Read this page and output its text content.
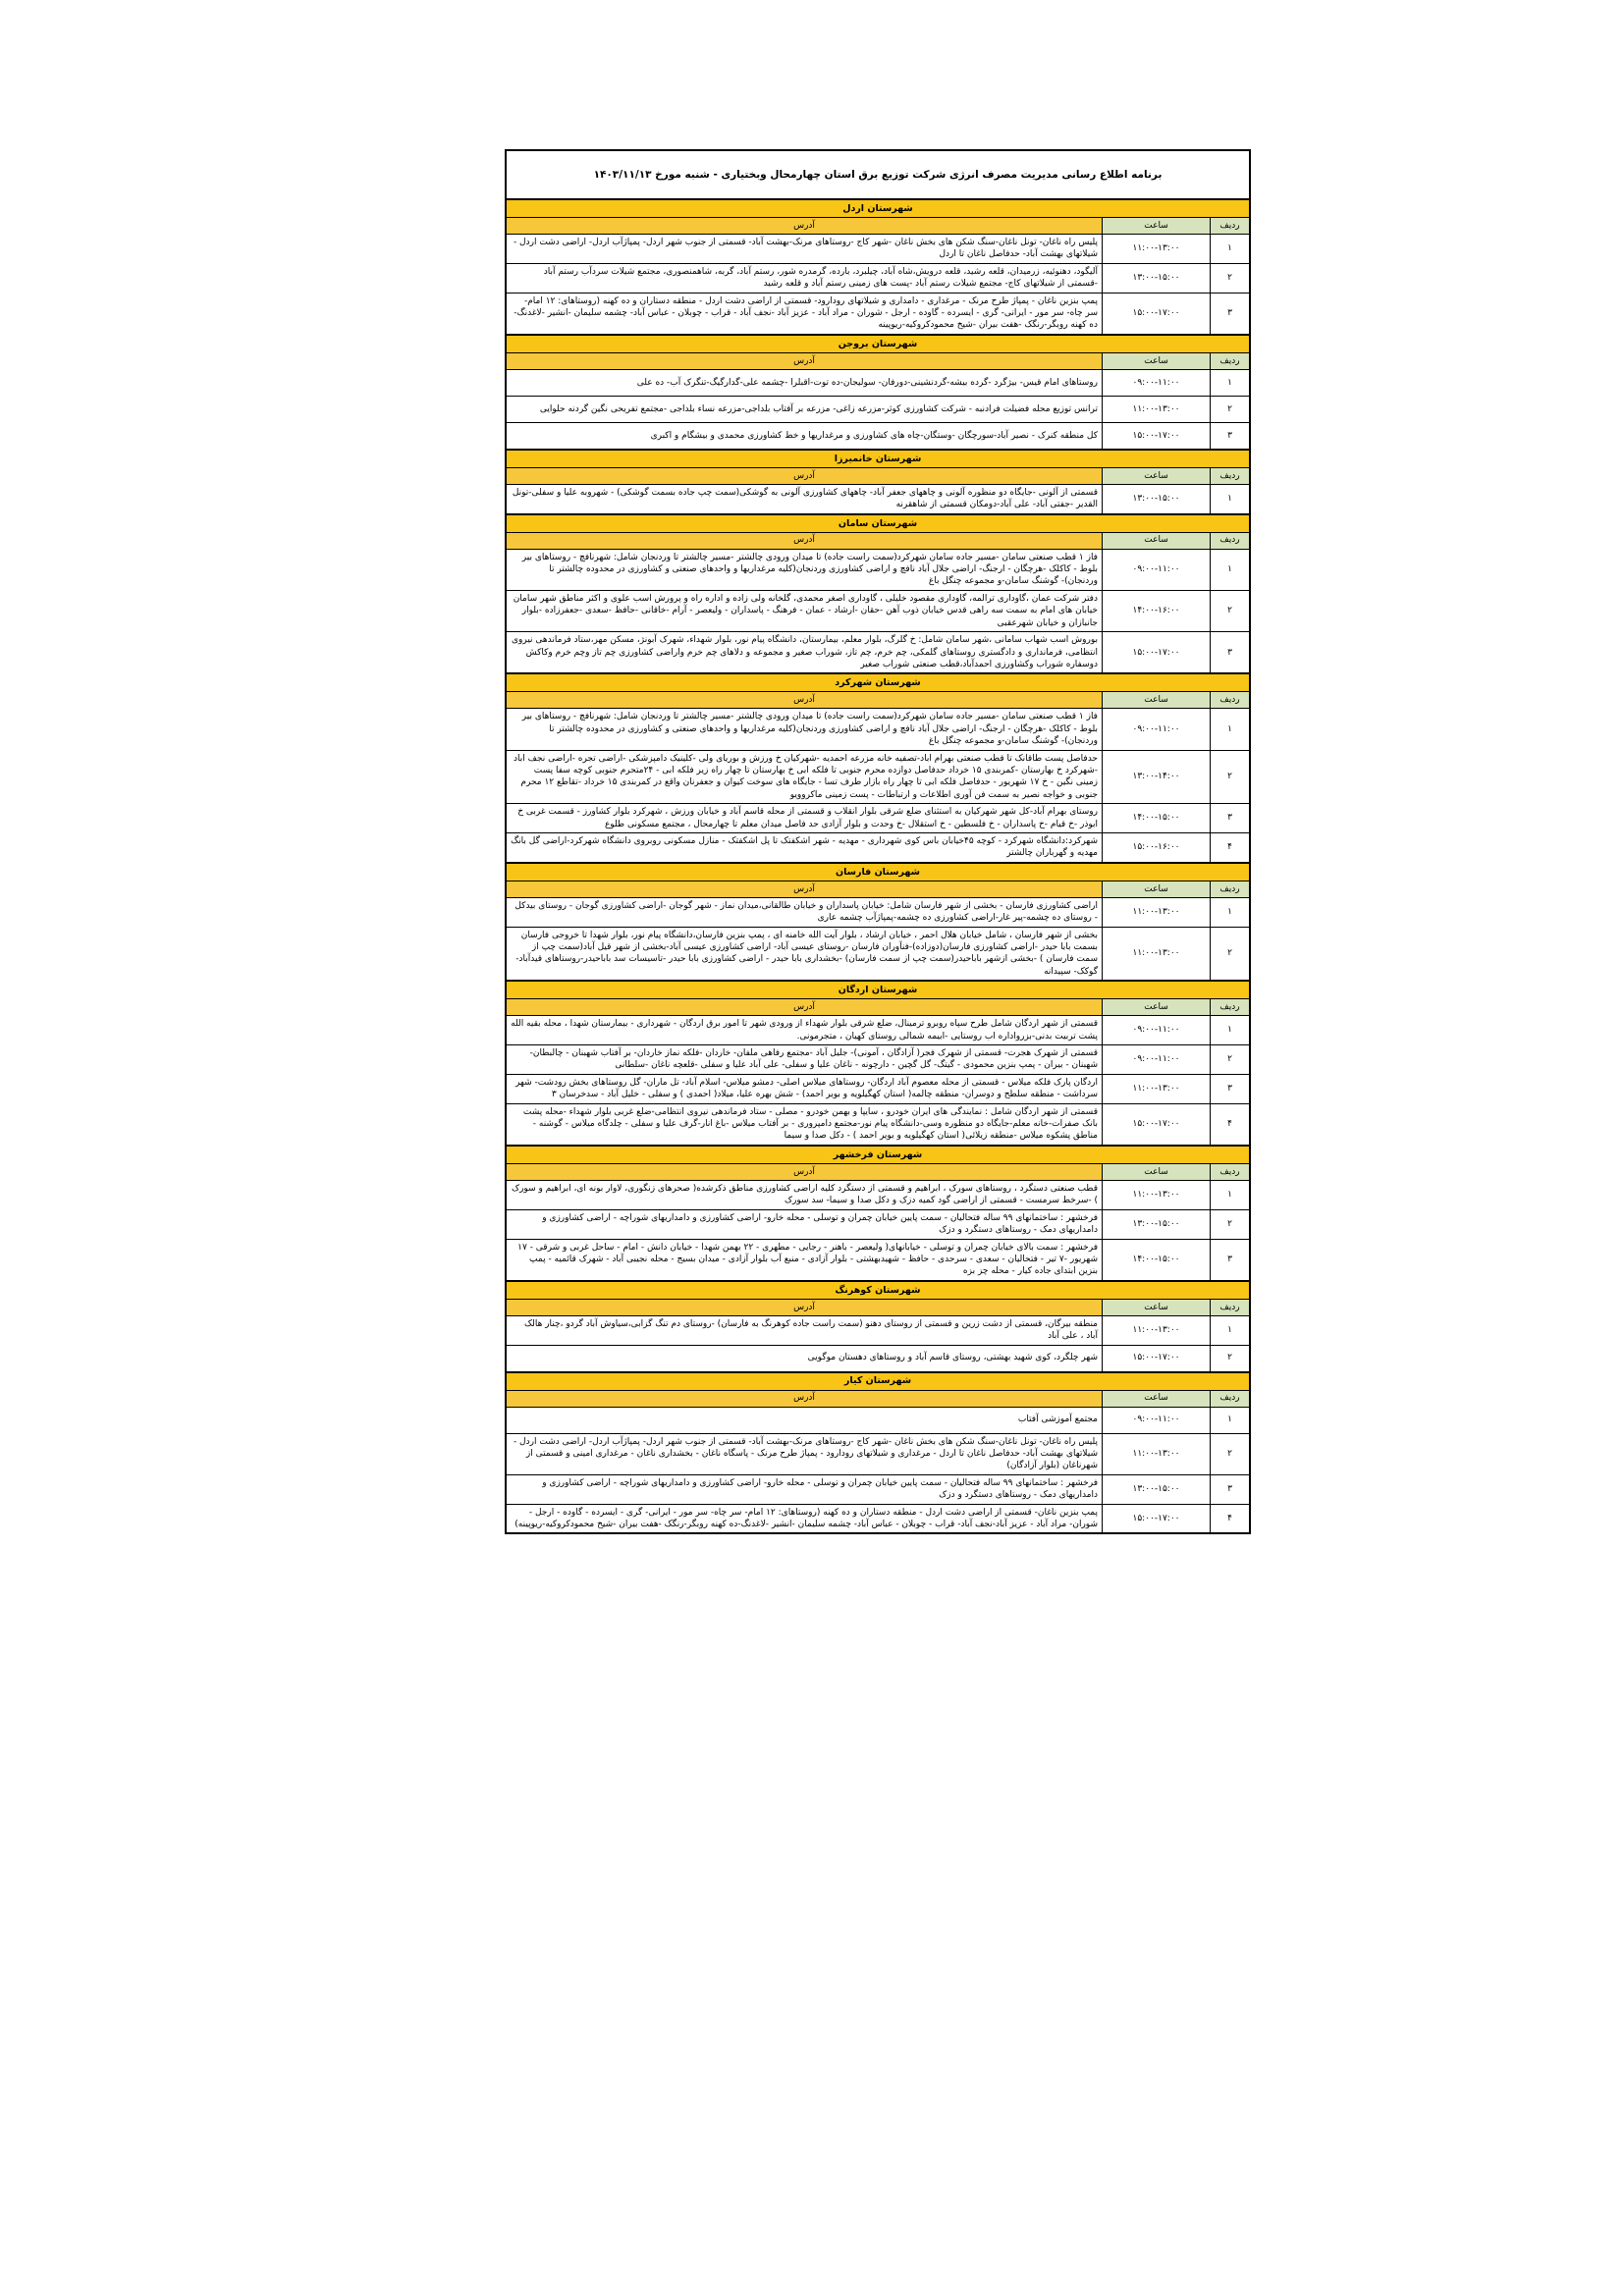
برنامه اطلاع رسانی مدیریت مصرف انرژی شرکت توزیع برق استان چهارمحال وبختیاری - شنبه مورخ ۱۴۰۳/۱۱/۱۳		
شهرستان اردل		
ردیف	ساعت	آدرس
۱	۱۱:۰۰-۱۳:۰۰	پلیس راه ناغان- تونل ناغان-سنگ شکن های بخش ناغان -شهر کاج -روستاهای مرنک-بهشت آباد- قسمتی از جنوب شهر اردل- پمپاژآب اردل- اراضی دشت اردل - شیلاتهای بهشت آباد- حدفاصل ناغان تا اردل
۲	۱۳:۰۰-۱۵:۰۰	آلیگود، دهنوئیه، زرمیدان، قلعه رشید، قلعه درویش،شاه آباد، چیلبرد، بارده، گرمدره شور، رستم آباد، گربه، شاهمنصوری، مجتمع شیلات سردآب رستم آباد -قسمتی از شیلاتهای کاج- مجتمع شیلات رستم آباد -پست های زمینی رستم آباد و قلعه رشید
۳	۱۵:۰۰-۱۷:۰۰	پمپ بنزین ناغان - پمپاژ طرح مرنک - مرغداری - دامداری و شیلاتهای رودارود- قسمتی از اراضی دشت اردل - منطقه دستاران و ده کهنه (روستاهای: ۱۲ امام- سر چاه- سر مور - ایرانی- گری - ایسرده - گاوده - ارجل - شوران - مراد آباد - عزیز آباد -نجف آباد - قراب - چوبلان - عباس آباد- چشمه سلیمان -انشیر -لاغدنگ-ده کهنه روبگر-رنگک -هفت بیران -شیخ محمودکروکیه-ریوپینه
شهرستان بروجن		
ردیف	ساعت	آدرس
۱	۰۹:۰۰-۱۱:۰۰	روستاهای امام قیس- بیژگرد -گرده بیشه-گردنشینی-دورفان- سولیجان-ده توت-اقبلرا -چشمه علی-گدارگیگ-تنگرک آب- ده علی
۲	۱۱:۰۰-۱۳:۰۰	ترانس توزیع محله فضیلت فرادنبه - شرکت کشاورزی کوثر-مزرعه زاغی- مزرعه بر آفتاب بلداجی-مزرعه نساء بلداجی -مجتمع تفریحی نگین گردنه حلوایی
۳	۱۵:۰۰-۱۷:۰۰	کل منطقه کنرک - نصیر آباد-سورچگان -وستگان-چاه های کشاورزی و مرغداریها و خط کشاورزی محمدی و بیشگام و اکبری
شهرستان خانمیرزا		
ردیف	ساعت	آدرس
۱	۱۳:۰۰-۱۵:۰۰	قسمتی از آلونی -جایگاه دو منظوره آلونی و چاههای جعفر آباد- چاههای کشاورزی آلونی به گوشکی(سمت چپ جاده بسمت گوشکی) - شهروبه علیا و سفلی-تونل القدیر -جفتی آباد- علی آباد-دومکان قسمتی از شاهقرنه
شهرستان سامان		
ردیف	ساعت	آدرس
۱	۰۹:۰۰-۱۱:۰۰	فاز ۱ قطب صنعتی سامان -مسیر جاده سامان شهرکرد(سمت راست جاده) تا میدان ورودی چالشتر -مسیر چالشتر تا وردنجان شامل: شهرنافچ - روستاهای بیر بلوط - کاکلک -هرچگان - ارجنگ- اراضی جلال آباد نافچ و اراضی کشاورزی وردنجان(کلیه مرغداریها و واحدهای صنعتی و کشاورزی در محدوده چالشتر تا وردنجان)- گوشنگ سامان-و مجموعه چنگل باغ
۲	۱۴:۰۰-۱۶:۰۰	دفتر شرکت عمان ،گاوداری ترالمه، گاوداری مقصود خلیلی ، گاوداری اصغر محمدی، گلخانه ولی زاده و اداره راه و پرورش اسب علوی و اکثر مناطق شهر سامان خیابان های امام به سمت سه راهی قدس خیابان ذوب آهن -حقان -ارشاد - عمان - فرهنگ - پاسداران - ولیعصر - آرام -خاقانی -حافظ -سعدی -جعفرزاده -بلوار جانبازان و خیابان شهرعقبی
۳	۱۵:۰۰-۱۷:۰۰	بوروش اسب شهاب سامانی ،شهر سامان شامل: خ گلرگ، بلوار معلم، بیمارستان، دانشگاه پیام نور، بلوار شهداء، شهرک آبونژ، مسکن مهر،ستاد فرماندهی نیروی انتظامی، فرمانداری و دادگستری روستاهای گلمکی، چم خرم، چم تاز، شوراب صغیر و مجموعه و دلاهای چم خرم واراضی کشاورزی چم تاز وچم خرم وکاکش دوسفاره شوراب وکشاورزی احمدآباد،قطب صنعتی شوراب صغیر
شهرستان شهرکرد		
ردیف	ساعت	آدرس
۱	۰۹:۰۰-۱۱:۰۰	فاز ۱ قطب صنعتی سامان -مسیر جاده سامان شهرکرد(سمت راست جاده) تا میدان ورودی چالشتر -مسیر چالشتر تا وردنجان شامل: شهرنافچ - روستاهای بیر بلوط - کاکلک -هرچگان - ارجنگ- اراضی جلال آباد نافچ و اراضی کشاورزی وردنجان(کلیه مرغداریها و واحدهای صنعتی و کشاورزی در محدوده چالشتر تا وردنجان)- گوشنگ سامان-و مجموعه چنگل باغ
۲	۱۳:۰۰-۱۴:۰۰	حدفاصل پست طاقانک تا قطب صنعتی بهرام اباد-تصفیه خانه مزرعه احمدیه -شهرکیان خ ورزش و بوریای ولی -کلینیک دامپزشکی -اراضی تجره -اراضی نجف اباد -شهرکرد خ بهارستان -کمربندی ۱۵ خرداد حدفاصل دوازده محرم جنوبی تا فلکه ابی خ بهارستان تا چهار راه زیر فلکه ابی - ۲۴متحرم جنوبی کوچه سفا پست زمینی نگین - خ ۱۷ شهریور - حدفاصل فلکه ابی تا چهار راه بازار طرف تسا - جایگاه های سوخت کیوان و جعفرنان واقع در کمربندی ۱۵ خرداد -تقاطع ۱۲ محرم جنوبی و خواجه نصیر به سمت فن آوری اطلاعات و ارتباطات - پست زمینی ماکروویو
۳	۱۴:۰۰-۱۵:۰۰	روستای بهرام آباد-کل شهر شهرکیان به استثنای ضلع شرقی بلوار انقلاب و قسمتی از محله قاسم آباد و خیابان ورزش ، شهرکرد بلوار کشاورز - قسمت غربی خ ابوذر -خ قیام -خ پاسداران - خ فلسطین - خ استقلال -خ وحدت و بلوار آزادی حد فاصل میدان معلم تا چهارمحال ، مجتمع مسکونی طلوع
۴	۱۵:۰۰-۱۶:۰۰	شهرکرد:دانشگاه شهرکرد - کوچه ۴۵خیابان باس کوی شهرداری - مهدیه - شهر اشکفتک تا پل اشکفتک - منازل مسکونی روبروی دانشگاه شهرکرد-اراضی گل بانگ مهدیه و گهرباران چالشتر
شهرستان فارسان		
ردیف	ساعت	آدرس
۱	۱۱:۰۰-۱۳:۰۰	اراضی کشاورزی فارسان - بخشی از شهر فارسان شامل: خیابان پاسداران و خیابان طالقانی،میدان نماز - شهر گوجان -اراضی کشاورزی گوجان - روستای بیدکل - روستای ده چشمه-پیر غار-اراضی کشاورزی ده چشمه-پمپاژآب چشمه عاری
۲	۱۱:۰۰-۱۳:۰۰	بخشی از شهر فارسان ، شامل خیابان هلال احمر ، خیابان ارشاد ، بلوار آیت الله خامنه ای ، پمپ بنزین فارسان،دانشگاه پیام نور، بلوار شهدا تا خروجی فارسان بسمت بابا حیدر -اراضی کشاورزی فارسان(دوزاده)-فنآوران فارسان -روستای عیسی آباد- اراضی کشاورزی عیسی آباد-بخشی از شهر قیل آباد(سمت چپ از سمت فارسان ) -بخشی ازشهر باباحیدر(سمت چپ از سمت فارسان) -بخشداری بابا حیدر - اراضی کشاورزی بابا حیدر -تاسیسات سد باباحیدر-روستاهای قیدآباد- گوکک- سپیدانه
شهرستان اردگان		
ردیف	ساعت	آدرس
۱	۰۹:۰۰-۱۱:۰۰	قسمتی از شهر اردگان شامل طرح سپاه روبرو ترمینال، ضلع شرقی بلوار شهداء از ورودی شهر تا امور برق اردگان - شهرداری - بیمارستان شهدا ، محله بقیه الله پشت تربیت بدنی-بزرواداره اب روستایی -ابیمه شمالی روستای کهیان ، متجرمونی.
۲	۰۹:۰۰-۱۱:۰۰	قسمتی از شهرک هجرت- قسمتی از شهرک فجر( آزادگان ، آمونی)- جلیل آباد -مجتمع رفاهی ملفان- خاردان -فلکه نماز خاردان- بر آفتاب شهبنان - چالبطان- شهبنان - بیران - پمپ بنزین محمودی - گیتگ- گل گچین - دارچونه - ناغان علیا و سفلی- علی آباد علیا و سفلی -قلعچه ناغان -سلطانی
۳	۱۱:۰۰-۱۳:۰۰	اردگان پارک فلکه میلاس - قسمتی از محله معصوم آباد اردگان- روستاهای میلاس اصلی- دمشو میلاس- اسلام آباد- تل ماران- گل روستاهای بخش رودشت- شهر سرداشت - منطقه سلطح و دوسران- منطقه چالمه( استان کهگیلویه و بویر احمد) - شش بهره علیا، میلاد( احمدی ) و سفلی - خلیل آباد - سدخرسان ۳
۴	۱۵:۰۰-۱۷:۰۰	قسمتی از شهر اردگان شامل : نمایندگی های ایران خودرو ، سایپا و بهمن خودرو - مصلی - ستاد فرماندهی نیروی انتظامی-ضلع غربی بلوار شهداء -محله پشت بانک صفرات-خانه معلم-جایگاه دو منظوره وسی-دانشگاه پیام نور-مجتمع دامپروری - بر آفتاب میلاس -باغ انار-گرف علیا و سفلی - چلدگاه میلاس - گوشنه - مناطق پشکوه میلاس -منطقه زیلائی( استان کهگیلویه و بویر احمد ) - دکل صدا و سیما
شهرستان فرخشهر		
ردیف	ساعت	آدرس
۱	۱۱:۰۰-۱۳:۰۰	قطب صنعتی دستگرد ، روستاهای سورک ، ابراهیم و قسمتی از دستگرد کلیه اراضی کشاورزی مناطق ذکرشده( صحرهای زنگوری، لاوار بونه ای، ابراهیم و سورک ) -سرخط سرمست - قسمتی از اراضی گود کمیه دزک و دکل صدا و سیما- سد سورک
۲	۱۳:۰۰-۱۵:۰۰	فرخشهر : ساختمانهای ۹۹ ساله فتحالیان - سمت پایین خیابان چمران و توسلی - محله خارو- اراضی کشاورزی و دامداریهای شوراچه - اراضی کشاورزی و دامداریهای دمک - روستاهای دستگرد و دزک
۳	۱۴:۰۰-۱۵:۰۰	فرخشهر : سمت بالای خیابان چمران و توسلی - خیابانهای( ولیعصر - باهنر - رجایی - مطهری - ۲۲ بهمن شهدا - خیابان دانش - امام - ساحل غربی و شرقی - ۱۷ شهریور -۷ تیر - فتحالیان - سعدی - سرحدی - حافظ - شهیدبهشتی - بلوار آزادی - منبع آب بلوار آزادی - میدان بسیج - محله نجیبی آباد - شهرک قائمیه - پمپ بنزین ابتدای جاده کیار - محله چز بزه
شهرستان کوهرنگ		
ردیف	ساعت	آدرس
۱	۱۱:۰۰-۱۳:۰۰	منطقه بیرگان، قسمتی از دشت زرین و قسمتی از روستای دهنو (سمت راست جاده کوهرنگ به فارسان) -روستای دم تنگ گزابی،سیاوش آباد گردو ،چنار هالک آباد ، علی آباد
۲	۱۵:۰۰-۱۷:۰۰	شهر چلگرد، کوی شهید بهشتی، روستای قاسم آباد و روستاهای دهستان موگویی
شهرستان کیار		
ردیف	ساعت	آدرس
۱	۰۹:۰۰-۱۱:۰۰	مجتمع آموزشی آفتاب
۲	۱۱:۰۰-۱۳:۰۰	پلیس راه ناغان- تونل ناغان-سنگ شکن های بخش ناغان -شهر کاج -روستاهای مرنک-بهشت آباد- قسمتی از جنوب شهر اردل- پمپاژآب اردل- اراضی دشت اردل - شیلاتهای بهشت آباد- حدفاصل ناغان تا اردل - مرغداری و شیلاتهای رودارود - پمپاژ طرح مرنک - پاسگاه ناغان - بخشداری ناغان - مرغداری امینی و قسمتی از شهرناغان (بلوار آزادگان)
۳	۱۳:۰۰-۱۵:۰۰	فرخشهر : ساختمانهای ۹۹ ساله فتحالیان - سمت پایین خیابان چمران و توسلی - محله خارو- اراضی کشاورزی و دامداریهای شوراچه - اراضی کشاورزی و دامداریهای دمک - روستاهای دستگرد و دزک
۴	۱۵:۰۰-۱۷:۰۰	پمپ بنزین ناغان- قسمتی از اراضی دشت اردل - منطقه دستاران و ده کهنه (روستاهای: ۱۲ امام- سر چاه- سر مور - ایرانی- گری - ایسرده - گاوده - ارجل - شوران- مراد آباد - عزیز آباد-نجف آباد- قراب - چوبلان - عباس آباد- چشمه سلیمان -انشیر -لاغدنگ-ده کهنه روبگر-رنگک -هفت بیران -شیخ محمودکروکیه-ریوپینه)
